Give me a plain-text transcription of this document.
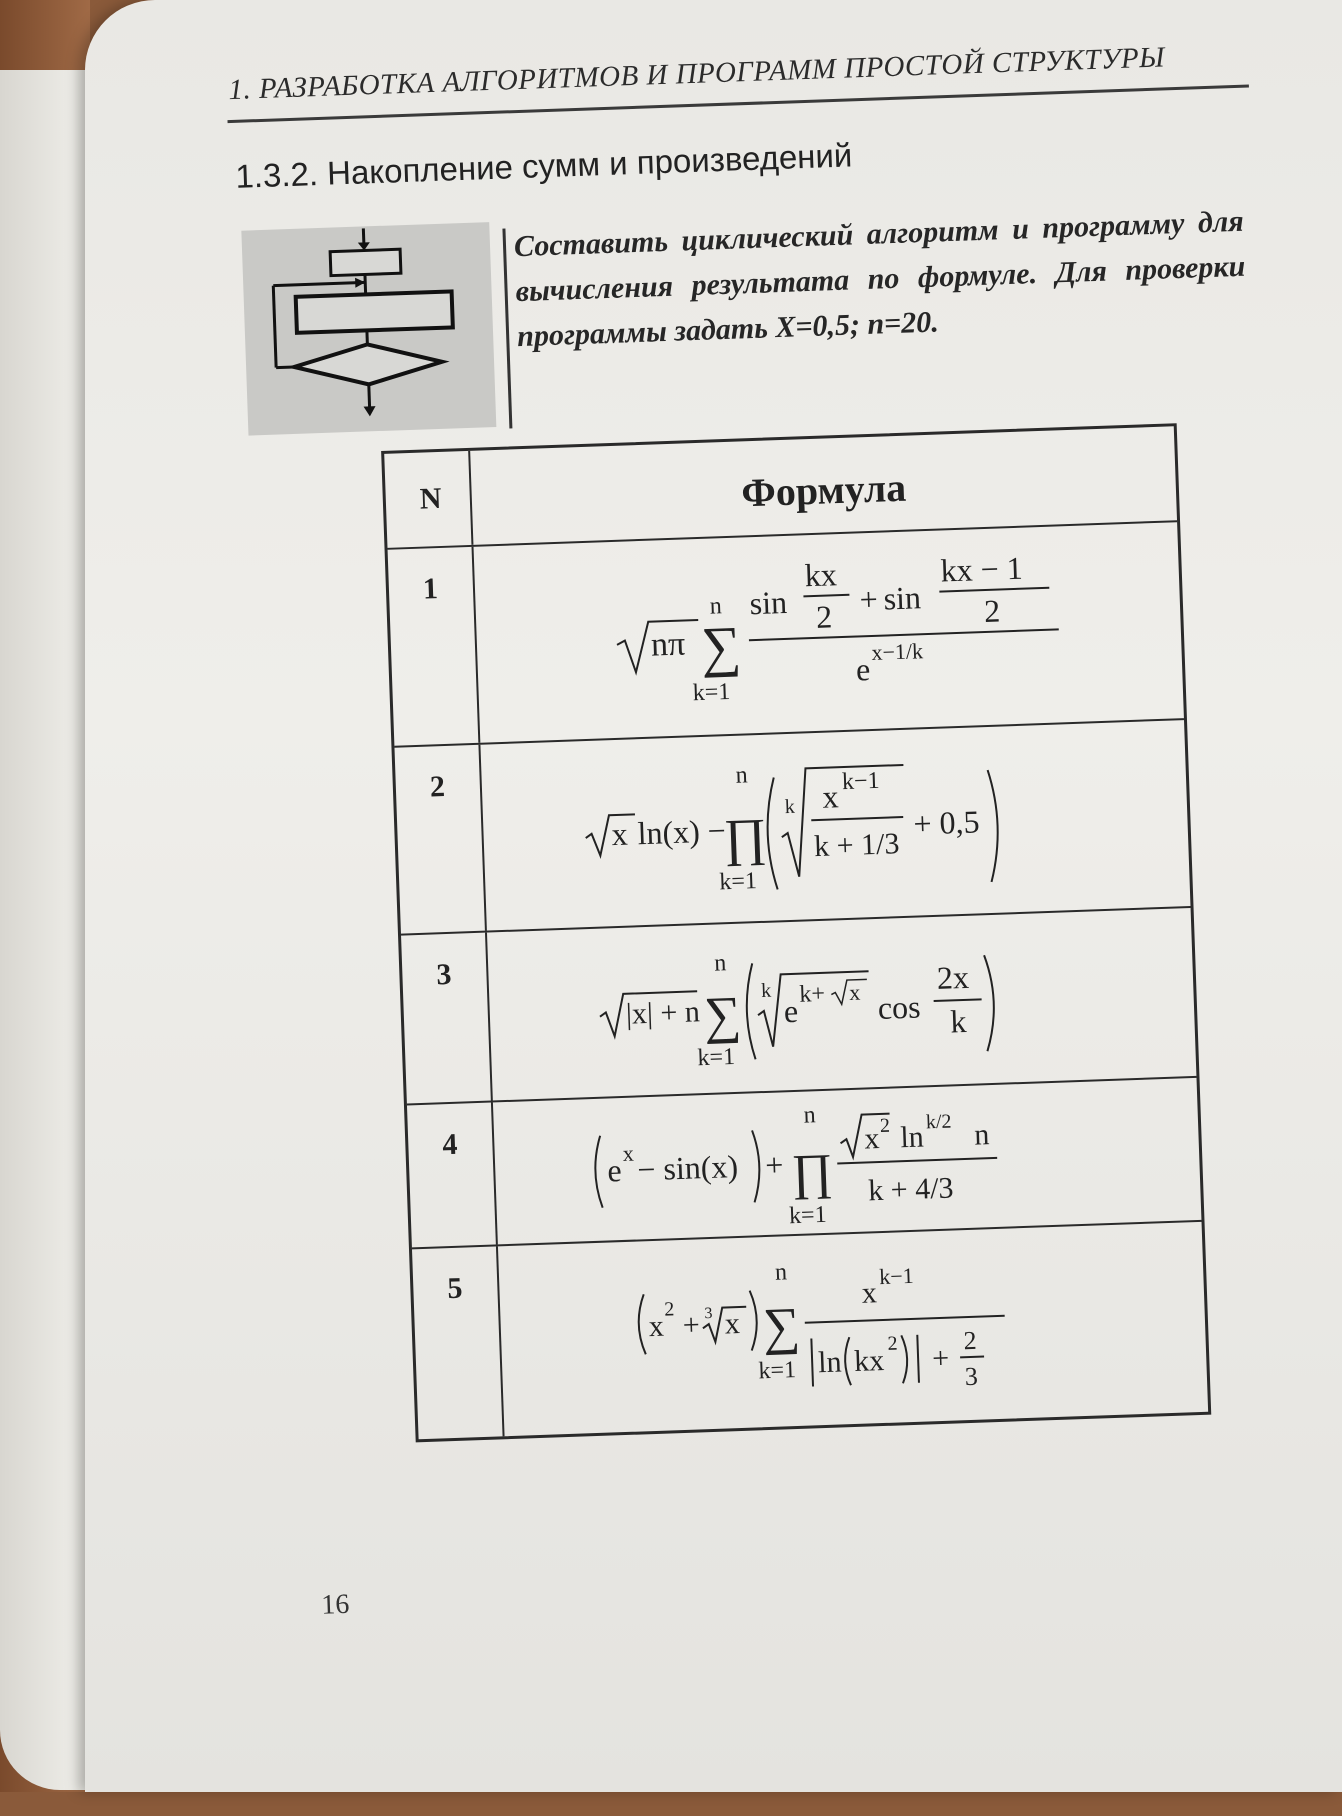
1. РАЗРАБОТКА АЛГОРИТМОВ И ПРОГРАММ ПРОСТОЙ СТРУКТУРЫ
1.3.2. Накопление сумм и произведений
Составить циклический алгоритм и программу для вычисления результата по формуле. Для проверки программы задать X=0,5; n=20.
N	Формула
1
nπ
n
∑
k=1
sin
kx
2 + sin
kx − 1
2
e x−1/k
2
x ln(x) −
n
∏
k=1
k x k−1
k + 1/3
+ 0,5
3
|x| + n
n
∑
k=1
k
e k+ x cos
2x
k
4
e x − sin(x) +
n
∏
k=1
x 2 ln k/2 n
k + 4/3
5
x
2 + 3 x
n
∑
k=1
x
k−1
ln kx
2 +
2
3
16
